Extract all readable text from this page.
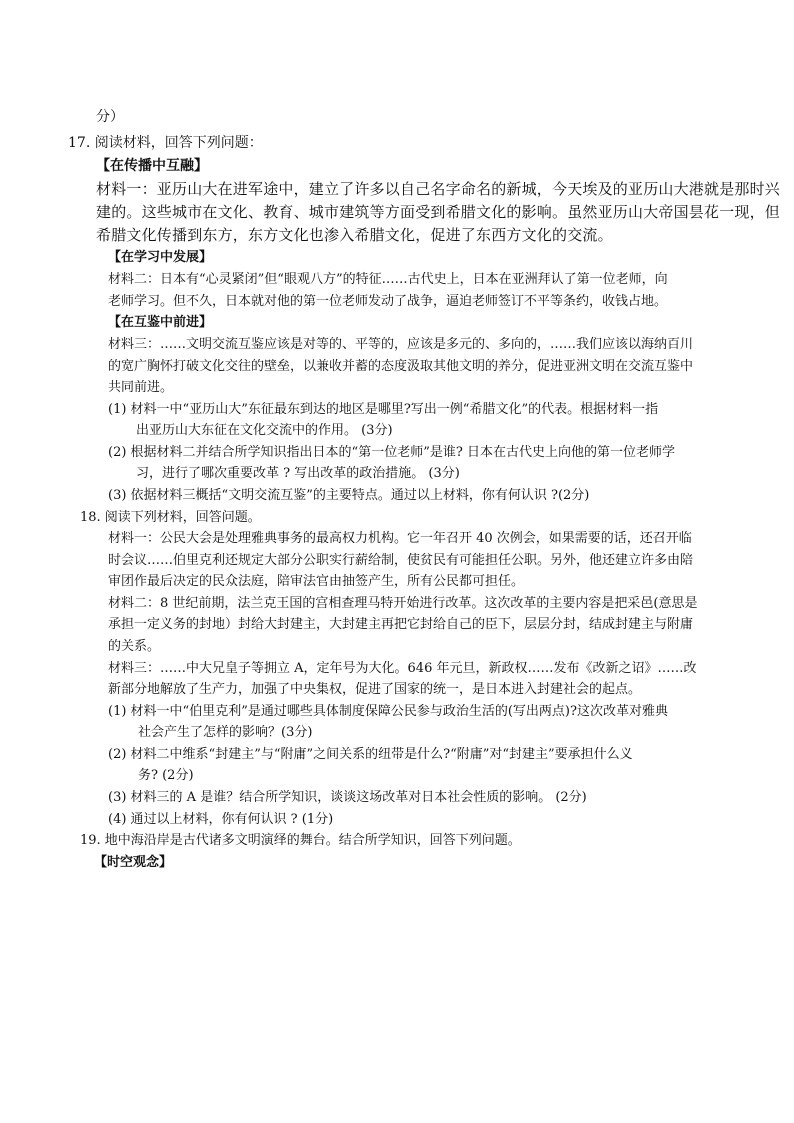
分）
17. 阅读材料，回答下列问题：
【在传播中互融】
材料一：亚历山大在进军途中，建立了许多以自己名字命名的新城，今天埃及的亚历山大港就是那时兴
建的。这些城市在文化、教育、城市建筑等方面受到希腊文化的影响。虽然亚历山大帝国昙花一现，但
希腊文化传播到东方，东方文化也渗入希腊文化，促进了东西方文化的交流。
【在学习中发展】
材料二：日本有“心灵紧闭”但“眼观八方”的特征……古代史上，日本在亚洲拜认了第一位老师，向
老师学习。但不久，日本就对他的第一位老师发动了战争，逼迫老师签订不平等条约，收钱占地。
【在互鉴中前进】
材料三：……文明交流互鉴应该是对等的、平等的，应该是多元的、多向的，……我们应该以海纳百川
的宽广胸怀打破文化交往的壁垒，以兼收并蓄的态度汲取其他文明的养分，促进亚洲文明在交流互鉴中
共同前进。
(1) 材料一中“亚历山大”东征最东到达的地区是哪里?写出一例“希腊文化”的代表。根据材料一指
出亚历山大东征在文化交流中的作用。 (3分)
(2) 根据材料二并结合所学知识指出日本的“第一位老师”是谁? 日本在古代史上向他的第一位老师学
习，进行了哪次重要改革 ? 写出改革的政治措施。 (3分)
(3) 依据材料三概括“文明交流互鉴”的主要特点。通过以上材料，你有何认识 ?(2分)
18. 阅读下列材料，回答问题。
材料一：公民大会是处理雅典事务的最高权力机构。它一年召开 40 次例会，如果需要的话，还召开临
时会议……伯里克利还规定大部分公职实行薪给制，使贫民有可能担任公职。另外，他还建立许多由陪
审团作最后决定的民众法庭，陪审法官由抽签产生，所有公民都可担任。
材料二：8 世纪前期，法兰克王国的宫相查理马特开始进行改革。这次改革的主要内容是把采邑(意思是
承担一定义务的封地）封给大封建主，大封建主再把它封给自己的臣下，层层分封，结成封建主与附庸
的关系。
材料三：……中大兄皇子等拥立 A，定年号为大化。646 年元旦，新政权……发布《改新之诏》……改
新部分地解放了生产力，加强了中央集权，促进了国家的统一，是日本进入封建社会的起点。
(1) 材料一中“伯里克利”是通过哪些具体制度保障公民参与政治生活的(写出两点)?这次改革对雅典
社会产生了怎样的影响？(3分)
(2) 材料二中维系“封建主”与“附庸”之间关系的纽带是什么?“附庸”对“封建主”要承担什么义
务? (2分)
(3) 材料三的 A 是谁？结合所学知识，谈谈这场改革对日本社会性质的影响。 (2分)
(4) 通过以上材料，你有何认识 ? (1分)
19. 地中海沿岸是古代诸多文明演绎的舞台。结合所学知识，回答下列问题。
【时空观念】
